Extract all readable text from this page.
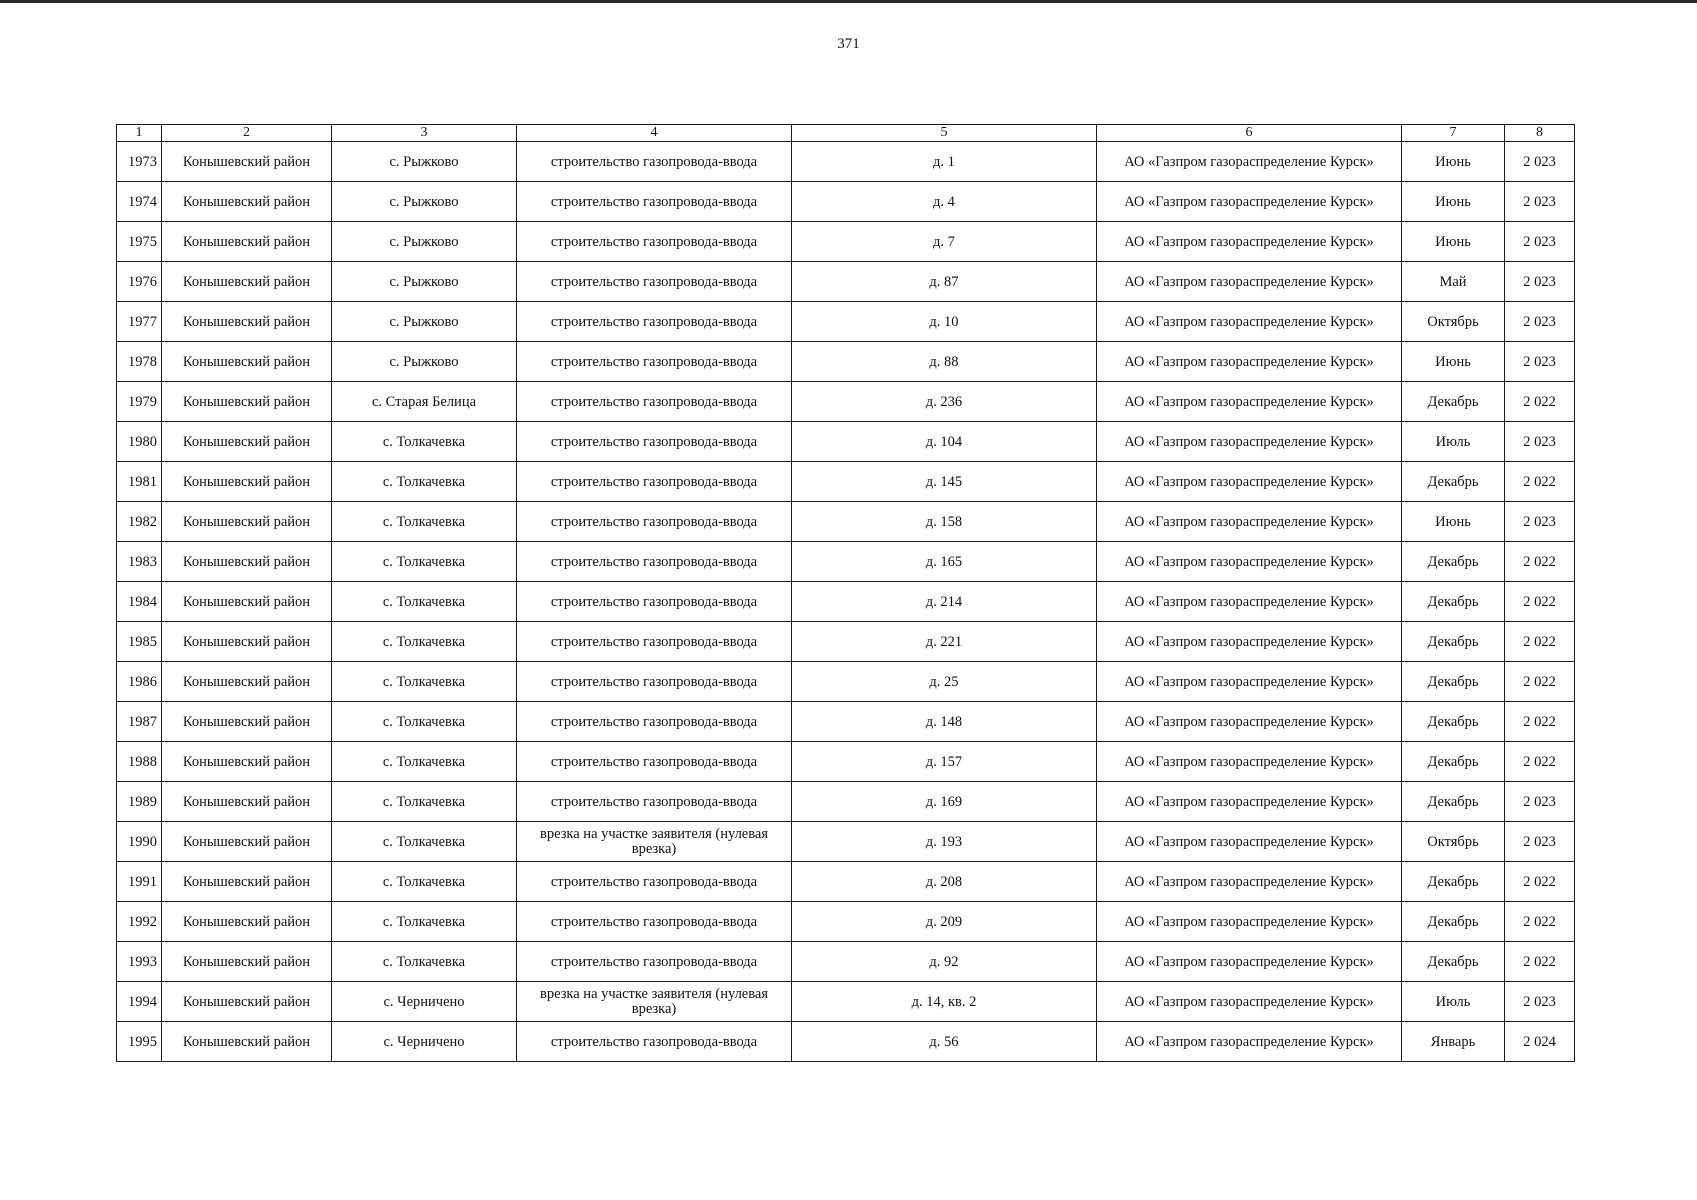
371
1	2	3	4	5	6	7	8
1973	Конышевский район	с. Рыжково	строительство газопровода-ввода	д. 1	АО «Газпром газораспределение Курск»	Июнь	2 023
1974	Конышевский район	с. Рыжково	строительство газопровода-ввода	д. 4	АО «Газпром газораспределение Курск»	Июнь	2 023
1975	Конышевский район	с. Рыжково	строительство газопровода-ввода	д. 7	АО «Газпром газораспределение Курск»	Июнь	2 023
1976	Конышевский район	с. Рыжково	строительство газопровода-ввода	д. 87	АО «Газпром газораспределение Курск»	Май	2 023
1977	Конышевский район	с. Рыжково	строительство газопровода-ввода	д. 10	АО «Газпром газораспределение Курск»	Октябрь	2 023
1978	Конышевский район	с. Рыжково	строительство газопровода-ввода	д. 88	АО «Газпром газораспределение Курск»	Июнь	2 023
1979	Конышевский район	с. Старая Белица	строительство газопровода-ввода	д. 236	АО «Газпром газораспределение Курск»	Декабрь	2 022
1980	Конышевский район	с. Толкачевка	строительство газопровода-ввода	д. 104	АО «Газпром газораспределение Курск»	Июль	2 023
1981	Конышевский район	с. Толкачевка	строительство газопровода-ввода	д. 145	АО «Газпром газораспределение Курск»	Декабрь	2 022
1982	Конышевский район	с. Толкачевка	строительство газопровода-ввода	д. 158	АО «Газпром газораспределение Курск»	Июнь	2 023
1983	Конышевский район	с. Толкачевка	строительство газопровода-ввода	д. 165	АО «Газпром газораспределение Курск»	Декабрь	2 022
1984	Конышевский район	с. Толкачевка	строительство газопровода-ввода	д. 214	АО «Газпром газораспределение Курск»	Декабрь	2 022
1985	Конышевский район	с. Толкачевка	строительство газопровода-ввода	д. 221	АО «Газпром газораспределение Курск»	Декабрь	2 022
1986	Конышевский район	с. Толкачевка	строительство газопровода-ввода	д. 25	АО «Газпром газораспределение Курск»	Декабрь	2 022
1987	Конышевский район	с. Толкачевка	строительство газопровода-ввода	д. 148	АО «Газпром газораспределение Курск»	Декабрь	2 022
1988	Конышевский район	с. Толкачевка	строительство газопровода-ввода	д. 157	АО «Газпром газораспределение Курск»	Декабрь	2 022
1989	Конышевский район	с. Толкачевка	строительство газопровода-ввода	д. 169	АО «Газпром газораспределение Курск»	Декабрь	2 023
1990	Конышевский район	с. Толкачевка	врезка на участке заявителя (нулевая врезка)	д. 193	АО «Газпром газораспределение Курск»	Октябрь	2 023
1991	Конышевский район	с. Толкачевка	строительство газопровода-ввода	д. 208	АО «Газпром газораспределение Курск»	Декабрь	2 022
1992	Конышевский район	с. Толкачевка	строительство газопровода-ввода	д. 209	АО «Газпром газораспределение Курск»	Декабрь	2 022
1993	Конышевский район	с. Толкачевка	строительство газопровода-ввода	д. 92	АО «Газпром газораспределение Курск»	Декабрь	2 022
1994	Конышевский район	с. Черничено	врезка на участке заявителя (нулевая врезка)	д. 14, кв. 2	АО «Газпром газораспределение Курск»	Июль	2 023
1995	Конышевский район	с. Черничено	строительство газопровода-ввода	д. 56	АО «Газпром газораспределение Курск»	Январь	2 024
